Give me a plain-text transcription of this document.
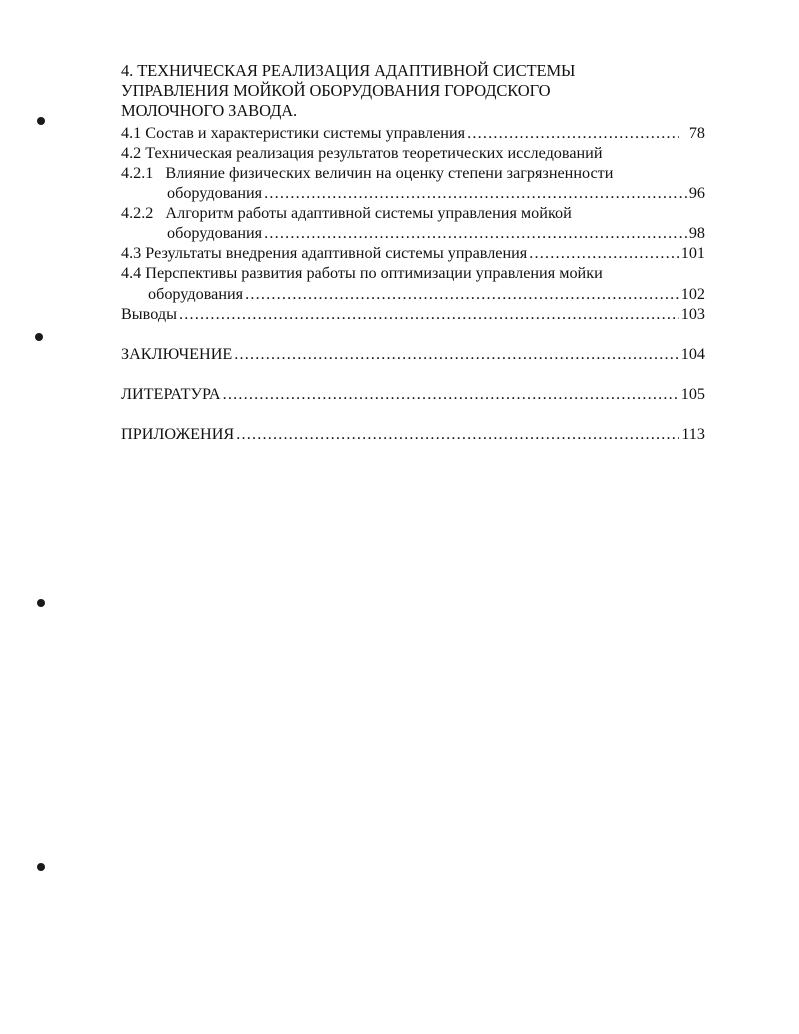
4. ТЕХНИЧЕСКАЯ РЕАЛИЗАЦИЯ АДАПТИВНОЙ СИСТЕМЫ
УПРАВЛЕНИЯ МОЙКОЙ ОБОРУДОВАНИЯ ГОРОДСКОГО
МОЛОЧНОГО ЗАВОДА.
4.1 Состав и характеристики системы управления .....	78
4.2 Техническая реализация результатов теоретических исследований
4.2.1 Влияние физических величин на оценку степени загрязненности
оборудования .....	96
4.2.2 Алгоритм работы адаптивной системы управления мойкой
оборудования .....	98
4.3 Результаты внедрения адаптивной системы управления .....	101
4.4 Перспективы развития работы по оптимизации управления мойки
оборудования .....	102
Выводы .....	103
ЗАКЛЮЧЕНИЕ .....	104
ЛИТЕРАТУРА .....	105
ПРИЛОЖЕНИЯ .....	113
